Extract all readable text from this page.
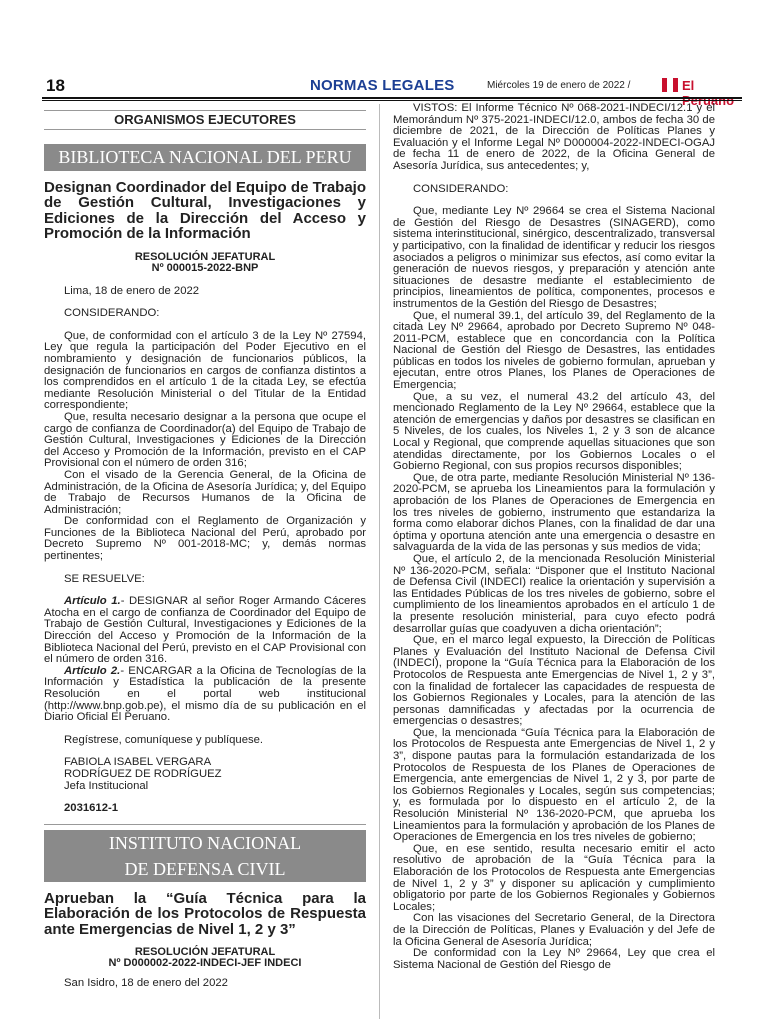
18	NORMAS LEGALES	Miércoles 19 de enero de 2022 /	El
ORGANISMOS EJECUTORES
BIBLIOTECA NACIONAL DEL PERU
Designan Coordinador del Equipo de Trabajo de Gestión Cultural, Investigaciones y Ediciones de la Dirección del Acceso y Promoción de la Información
RESOLUCIÓN JEFATURAL
Nº 000015-2022-BNP

Lima, 18 de enero de 2022

CONSIDERANDO:

Que, de conformidad con el artículo 3 de la Ley Nº 27594, Ley que regula la participación del Poder Ejecutivo en el nombramiento y designación de funcionarios públicos, la designación de funcionarios en cargos de confianza distintos a los comprendidos en el artículo 1 de la citada Ley, se efectúa mediante Resolución Ministerial o del Titular de la Entidad correspondiente;

Que, resulta necesario designar a la persona que ocupe el cargo de confianza de Coordinador(a) del Equipo de Trabajo de Gestión Cultural, Investigaciones y Ediciones de la Dirección del Acceso y Promoción de la Información, previsto en el CAP Provisional con el número de orden 316;

Con el visado de la Gerencia General, de la Oficina de Administración, de la Oficina de Asesoría Jurídica; y, del Equipo de Trabajo de Recursos Humanos de la Oficina de Administración;

De conformidad con el Reglamento de Organización y Funciones de la Biblioteca Nacional del Perú, aprobado por Decreto Supremo Nº 001-2018-MC; y, demás normas pertinentes;

SE RESUELVE:

Artículo 1.- DESIGNAR al señor Roger Armando Cáceres Atocha en el cargo de confianza de Coordinador del Equipo de Trabajo de Gestión Cultural, Investigaciones y Ediciones de la Dirección del Acceso y Promoción de la Información de la Biblioteca Nacional del Perú, previsto en el CAP Provisional con el número de orden 316.

Artículo 2.- ENCARGAR a la Oficina de Tecnologías de la Información y Estadística la publicación de la presente Resolución en el portal web institucional (http://www.bnp.gob.pe), el mismo día de su publicación en el Diario Oficial El Peruano.

Regístrese, comuníquese y publíquese.

FABIOLA ISABEL VERGARA

RODRÍGUEZ DE RODRÍGUEZ

Jefa Institucional

2031612-1

INSTITUTO NACIONAL
DE DEFENSA CIVIL
Aprueban la “Guía Técnica para la Elaboración de los Protocolos de Respuesta ante Emergencias de Nivel 1, 2 y 3”
RESOLUCIÓN JEFATURAL
Nº D000002-2022-INDECI-JEF INDECI

San Isidro, 18 de enero del 2022

VISTOS: El Informe Técnico Nº 068-2021-INDECI/12.1 y el Memorándum Nº 375-2021-INDECI/12.0, ambos de fecha 30 de diciembre de 2021, de la Dirección de Políticas Planes y Evaluación y el Informe Legal Nº D000004-2022-INDECI-OGAJ de fecha 11 de enero de 2022, de la Oficina General de Asesoría Jurídica, sus antecedentes; y,

CONSIDERANDO:

Que, mediante Ley Nº 29664 se crea el Sistema Nacional de Gestión del Riesgo de Desastres (SINAGERD), como sistema interinstitucional, sinérgico, descentralizado, transversal y participativo, con la finalidad de identificar y reducir los riesgos asociados a peligros o minimizar sus efectos, así como evitar la generación de nuevos riesgos, y preparación y atención ante situaciones de desastre mediante el establecimiento de principios, lineamientos de política, componentes, procesos e instrumentos de la Gestión del Riesgo de Desastres;

Que, el numeral 39.1, del artículo 39, del Reglamento de la citada Ley Nº 29664, aprobado por Decreto Supremo Nº 048-2011-PCM, establece que en concordancia con la Política Nacional de Gestión del Riesgo de Desastres, las entidades públicas en todos los niveles de gobierno formulan, aprueban y ejecutan, entre otros Planes, los Planes de Operaciones de Emergencia;

Que, a su vez, el numeral 43.2 del artículo 43, del mencionado Reglamento de la Ley Nº 29664, establece que la atención de emergencias y daños por desastres se clasifican en 5 Niveles, de los cuales, los Niveles 1, 2 y 3 son de alcance Local y Regional, que comprende aquellas situaciones que son atendidas directamente, por los Gobiernos Locales o el Gobierno Regional, con sus propios recursos disponibles;

Que, de otra parte, mediante Resolución Ministerial Nº 136-2020-PCM, se aprueba los Lineamientos para la formulación y aprobación de los Planes de Operaciones de Emergencia en los tres niveles de gobierno, instrumento que estandariza la forma como elaborar dichos Planes, con la finalidad de dar una óptima y oportuna atención ante una emergencia o desastre en salvaguarda de la vida de las personas y sus medios de vida;

Que, el artículo 2, de la mencionada Resolución Ministerial Nº 136-2020-PCM, señala: “Disponer que el Instituto Nacional de Defensa Civil (INDECI) realice la orientación y supervisión a las Entidades Públicas de los tres niveles de gobierno, sobre el cumplimiento de los lineamientos aprobados en el artículo 1 de la presente resolución ministerial, para cuyo efecto podrá desarrollar guías que coadyuven a dicha orientación”;

Que, en el marco legal expuesto, la Dirección de Políticas Planes y Evaluación del Instituto Nacional de Defensa Civil (INDECI), propone la “Guía Técnica para la Elaboración de los Protocolos de Respuesta ante Emergencias de Nivel 1, 2 y 3”, con la finalidad de fortalecer las capacidades de respuesta de los Gobiernos Regionales y Locales, para la atención de las personas damnificadas y afectadas por la ocurrencia de emergencias o desastres;

Que, la mencionada “Guía Técnica para la Elaboración de los Protocolos de Respuesta ante Emergencias de Nivel 1, 2 y 3”, dispone pautas para la formulación estandarizada de los Protocolos de Respuesta de los Planes de Operaciones de Emergencia, ante emergencias de Nivel 1, 2 y 3, por parte de los Gobiernos Regionales y Locales, según sus competencias; y, es formulada por lo dispuesto en el artículo 2, de la Resolución Ministerial Nº 136-2020-PCM, que aprueba los Lineamientos para la formulación y aprobación de los Planes de Operaciones de Emergencia en los tres niveles de gobierno;

Que, en ese sentido, resulta necesario emitir el acto resolutivo de aprobación de la “Guía Técnica para la Elaboración de los Protocolos de Respuesta ante Emergencias de Nivel 1, 2 y 3” y disponer su aplicación y cumplimiento obligatorio por parte de los Gobiernos Regionales y Gobiernos Locales;

Con las visaciones del Secretario General, de la Directora de la Dirección de Políticas, Planes y Evaluación y del Jefe de la Oficina General de Asesoría Jurídica;

De conformidad con la Ley Nº 29664, Ley que crea el Sistema Nacional de Gestión del Riesgo de
